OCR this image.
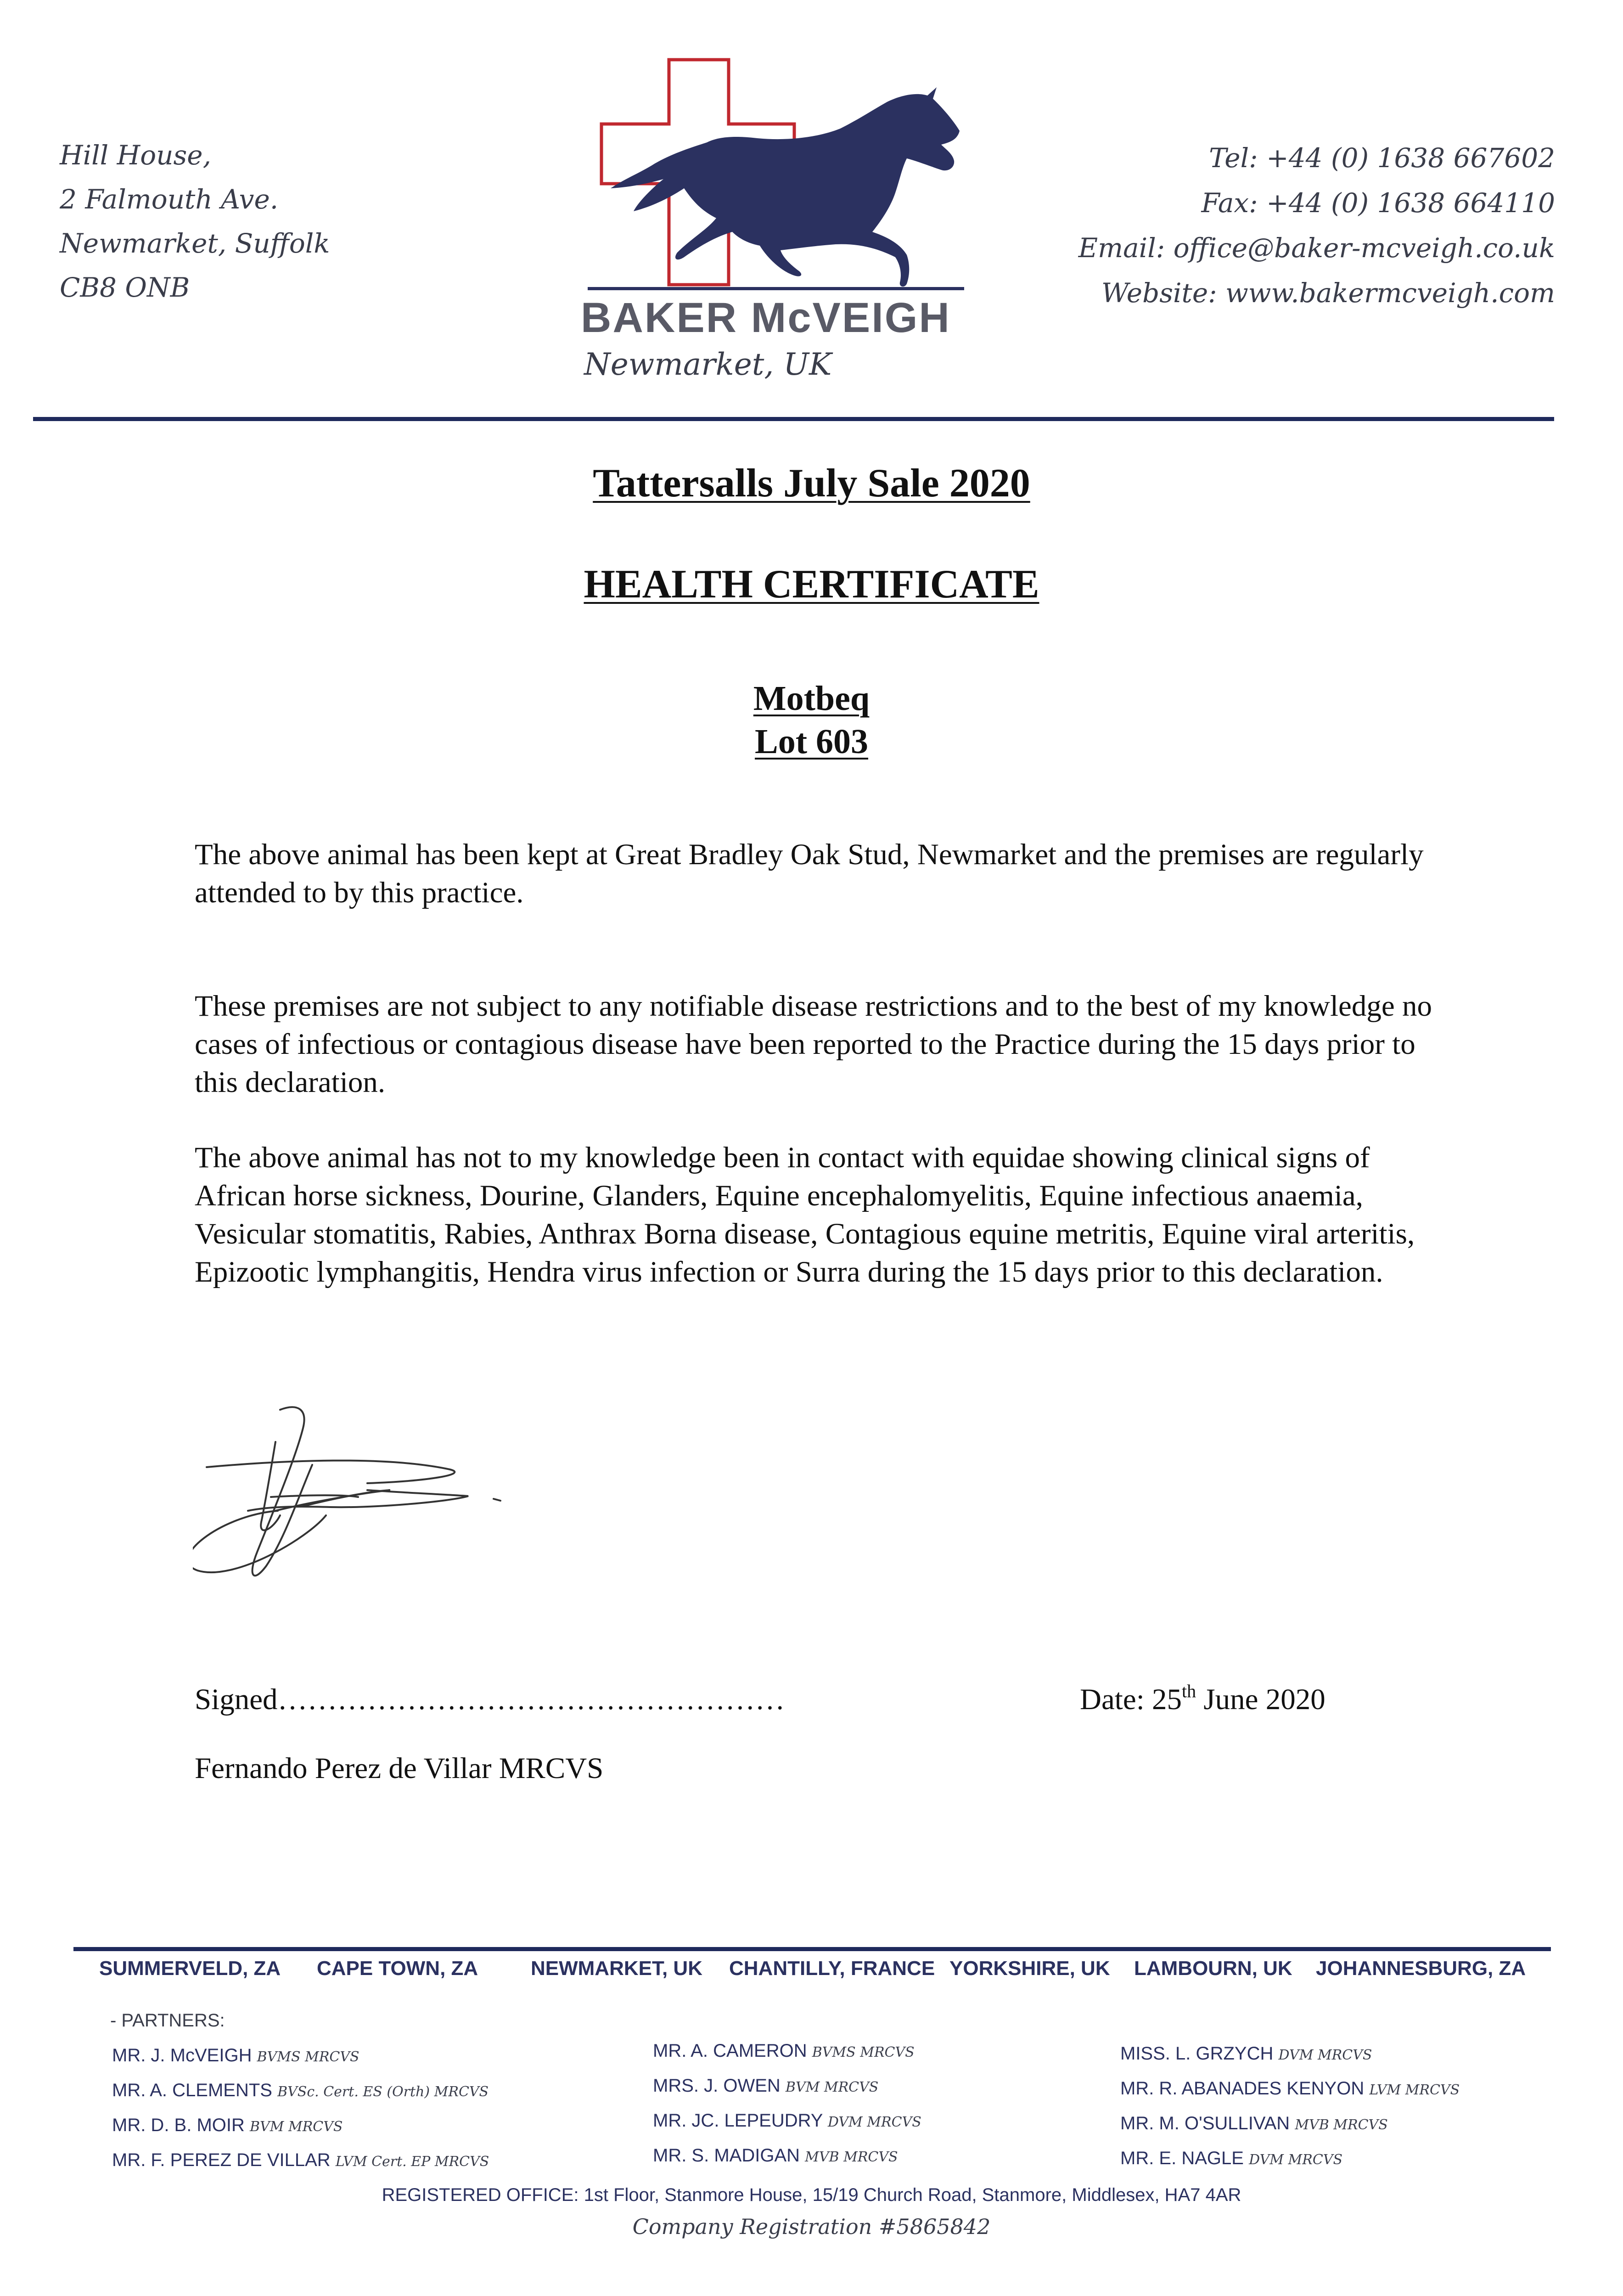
Hill House,
2 Falmouth Ave.
Newmarket, Suffolk
CB8 ONB
Tel: +44 (0) 1638 667602
Fax: +44 (0) 1638 664110
Email: office@baker-mcveigh.co.uk
Website: www.bakermcveigh.com
BAKER McVEIGH
Newmarket, UK
Tattersalls July Sale 2020
HEALTH CERTIFICATE
Motbeq
Lot 603
The above animal has been kept at Great Bradley Oak Stud, Newmarket and the premises are regularly attended to by this practice.
These premises are not subject to any notifiable disease restrictions and to the best of my knowledge no cases of infectious or contagious disease have been reported to the Practice during the 15 days prior to this declaration.
The above animal has not to my knowledge been in contact with equidae showing clinical signs of African horse sickness, Dourine, Glanders, Equine encephalomyelitis, Equine infectious anaemia, Vesicular stomatitis, Rabies, Anthrax Borna disease, Contagious equine metritis, Equine viral arteritis, Epizootic lymphangitis, Hendra virus infection or Surra during the 15 days prior to this declaration.
Signed……………………………………………	Date: 25th June 2020
Fernando Perez de Villar MRCVS
SUMMERVELD, ZA CAPE TOWN, ZA	NEWMARKET, UK CHANTILLY, FRANCE YORKSHIRE, UK LAMBOURN, UK JOHANNESBURG, ZA
- PARTNERS:
MR. J. McVEIGH BVMS MRCVS
MR. A. CLEMENTS BVSc. Cert. ES (Orth) MRCVS
MR. D. B. MOIR BVM MRCVS
MR. F. PEREZ DE VILLAR LVM Cert. EP MRCVS
MR. A. CAMERON BVMS MRCVS
MRS. J. OWEN BVM MRCVS
MR. JC. LEPEUDRY DVM MRCVS
MR. S. MADIGAN MVB MRCVS
MISS. L. GRZYCH DVM MRCVS
MR. R. ABANADES KENYON LVM MRCVS
MR. M. O'SULLIVAN MVB MRCVS
MR. E. NAGLE DVM MRCVS
REGISTERED OFFICE: 1st Floor, Stanmore House, 15/19 Church Road, Stanmore, Middlesex, HA7 4AR
Company Registration #5865842
